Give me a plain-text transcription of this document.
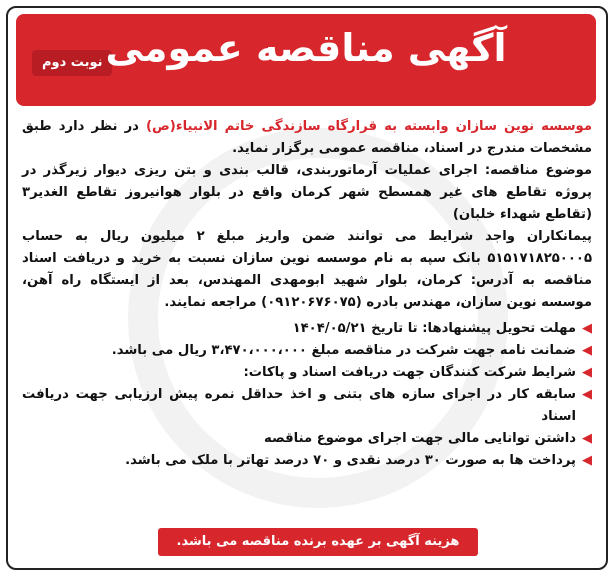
نوبت دوم آگهی مناقصه عمومی

موسسه نوین سازان وابسته به قرارگاه سازندگی خاتم الانبیاء(ص) در نظر دارد طبق مشخصات مندرج در اسناد، مناقصه عمومی برگزار نماید.

موضوع مناقصه: اجرای عملیات آرماتوربندی، قالب بندی و بتن ریزی دیوار زیرگذر در پروژه تقاطع های غیر همسطح شهر کرمان واقع در بلوار هوانیروز تقاطع الغدیر۳ (تقاطع شهداء خلبان)

پیمانکاران واجد شرایط می توانند ضمن واریز مبلغ ۲ میلیون ریال به حساب ۵۱۵۱۷۱۸۲۵۰۰۰۵ بانک سپه به نام موسسه نوین سازان نسبت به خرید و دریافت اسناد مناقصه به آدرس: کرمان، بلوار شهید ابومهدی المهندس، بعد از ایستگاه راه آهن، موسسه نوین سازان، مهندس بادره (۰۹۱۲۰۶۷۶۰۷۵) مراجعه نمایند.

◀
مهلت تحویل پیشنهادها: تا تاریخ ۱۴۰۴/۰۵/۲۱
◀
ضمانت نامه جهت شرکت در مناقصه مبلغ ۳،۴۷۰،۰۰۰،۰۰۰ ریال می باشد.
◀
شرایط شرکت کنندگان جهت دریافت اسناد و پاکات:
◀
سابقه کار در اجرای سازه های بتنی و اخذ حداقل نمره پیش ارزیابی جهت دریافت اسناد
◀
داشتن توانایی مالی جهت اجرای موضوع مناقصه
◀
پرداخت ها به صورت ۳۰ درصد نقدی و ۷۰ درصد تهاتر با ملک می باشد.
هزینه آگهی بر عهده برنده مناقصه می باشد.
